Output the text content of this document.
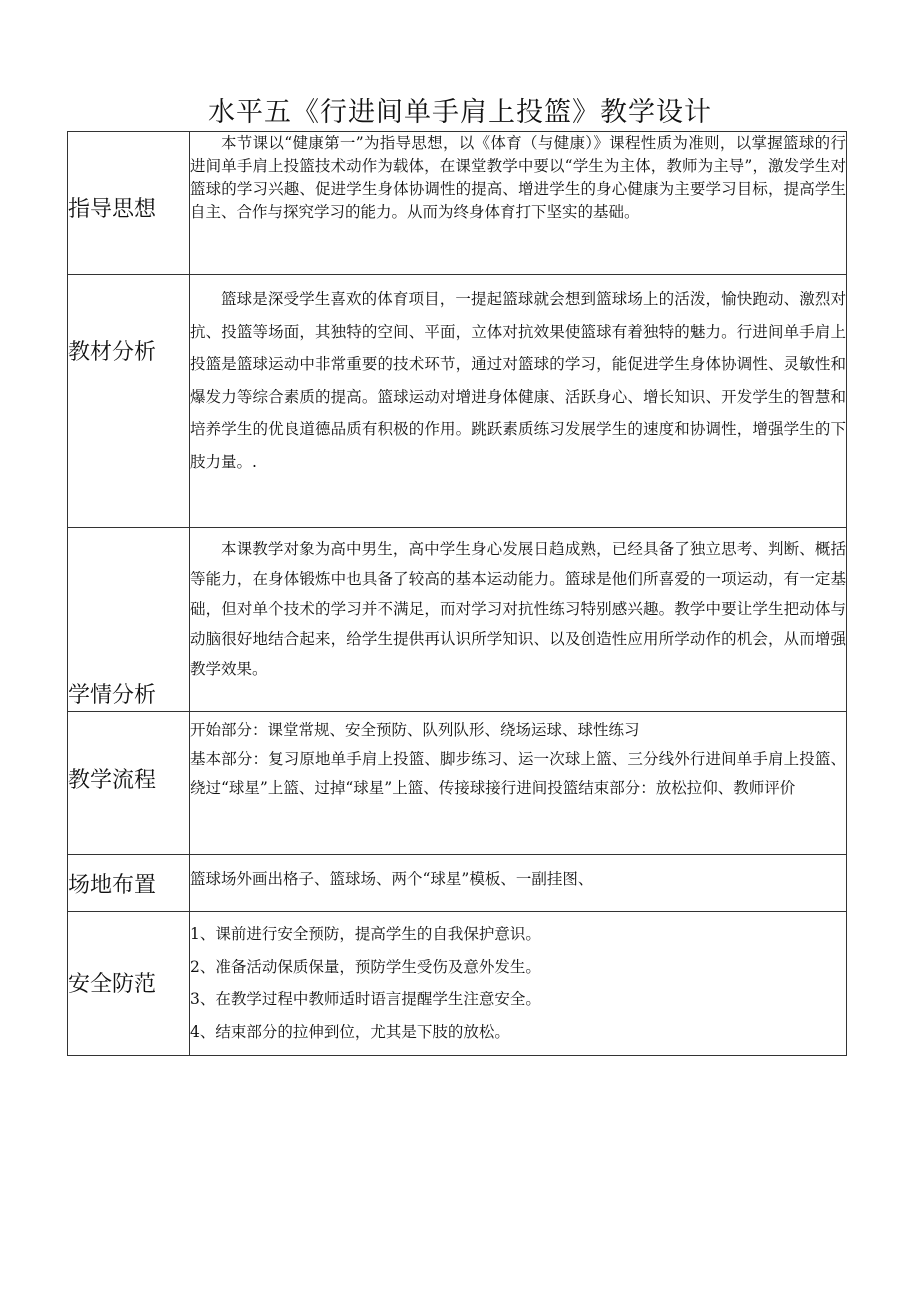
水平五《行进间单手肩上投篮》教学设计
指导思想	本节课以“健康第一”为指导思想，以《体育（与健康）》课程性质为准则，以掌握篮球的行进间单手肩上投篮技术动作为载体，在课堂教学中要以“学生为主体，教师为主导”，激发学生对篮球的学习兴趣、促进学生身体协调性的提高、增进学生的身心健康为主要学习目标，提高学生自主、合作与探究学习的能力。从而为终身体育打下坚实的基础。

教材分析	篮球是深受学生喜欢的体育项目，一提起篮球就会想到篮球场上的活泼，愉快跑动、激烈对抗、投篮等场面，其独特的空间、平面，立体对抗效果使篮球有着独特的魅力。行进间单手肩上投篮是篮球运动中非常重要的技术环节，通过对篮球的学习，能促进学生身体协调性、灵敏性和爆发力等综合素质的提高。篮球运动对增进身体健康、活跃身心、增长知识、开发学生的智慧和培养学生的优良道德品质有积极的作用。跳跃素质练习发展学生的速度和协调性，增强学生的下肢力量。.

学情分析	本课教学对象为高中男生，高中学生身心发展日趋成熟，已经具备了独立思考、判断、概括等能力，在身体锻炼中也具备了较高的基本运动能力。篮球是他们所喜爱的一项运动，有一定基础，但对单个技术的学习并不满足，而对学习对抗性练习特别感兴趣。教学中要让学生把动体与动脑很好地结合起来，给学生提供再认识所学知识、以及创造性应用所学动作的机会，从而增强教学效果。

教学流程	开始部分：课堂常规、安全预防、队列队形、绕场运球、球性练习

基本部分：复习原地单手肩上投篮、脚步练习、运一次球上篮、三分线外行进间单手肩上投篮、绕过“球星”上篮、过掉“球星”上篮、传接球接行进间投篮结束部分：放松拉仰、教师评价

场地布置	篮球场外画出格子、篮球场、两个“球星”模板、一副挂图、

安全防范	1、课前进行安全预防，提高学生的自我保护意识。

2、准备活动保质保量，预防学生受伤及意外发生。

3、在教学过程中教师适时语言提醒学生注意安全。

4、结束部分的拉伸到位，尤其是下肢的放松。
